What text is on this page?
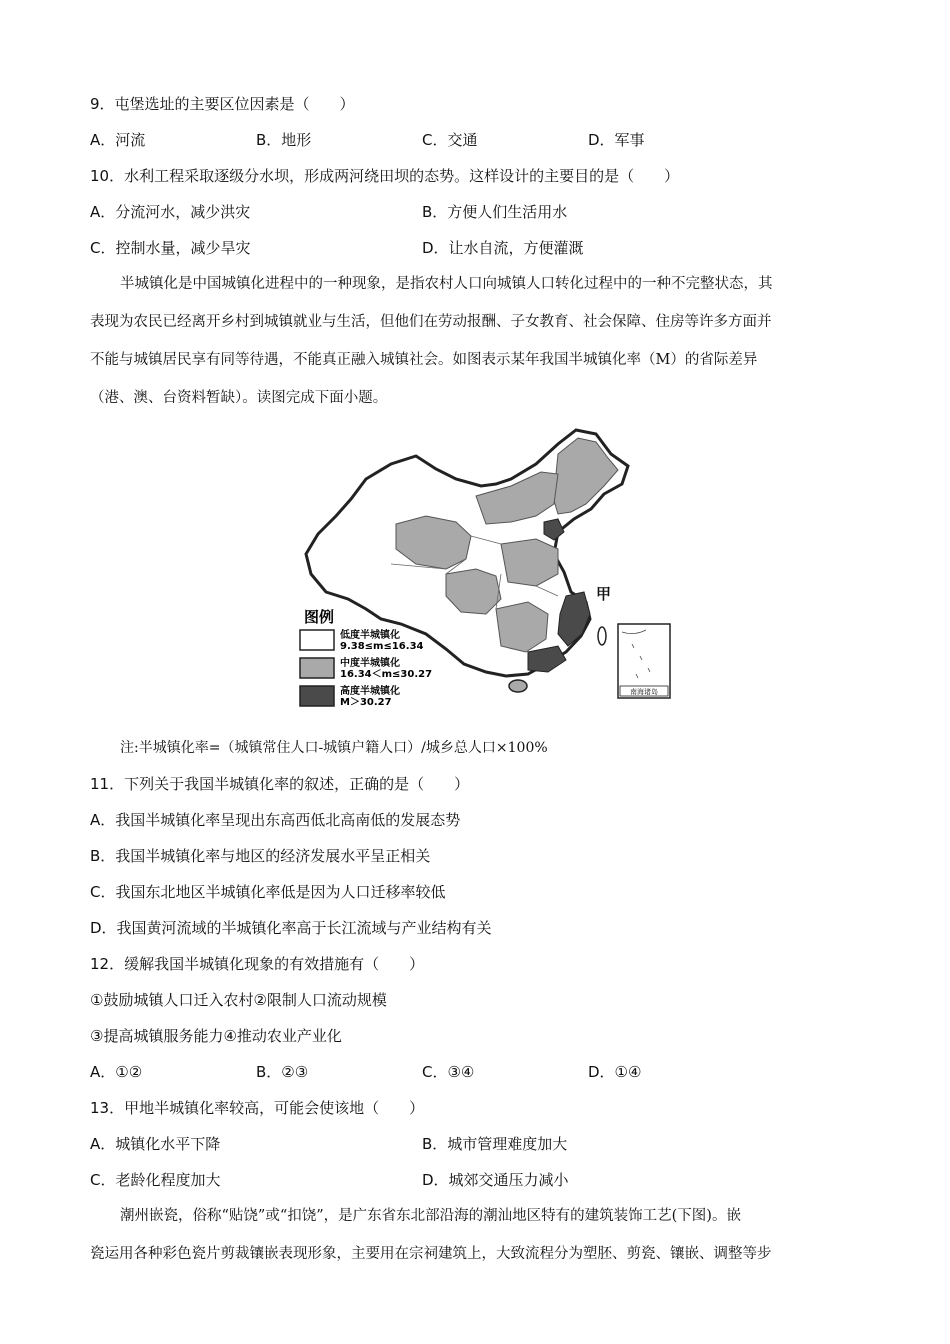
9．屯堡选址的主要区位因素是（　　）
A．河流	B．地形	C．交通	D．军事
10．水利工程采取逐级分水坝，形成两河绕田坝的态势。这样设计的主要目的是（　　）
A．分流河水，减少洪灾	B．方便人们生活用水
C．控制水量，减少旱灾	D．让水自流，方便灌溉
半城镇化是中国城镇化进程中的一种现象，是指农村人口向城镇人口转化过程中的一种不完整状态，其
表现为农民已经离开乡村到城镇就业与生活，但他们在劳动报酬、子女教育、社会保障、住房等许多方面并
不能与城镇居民享有同等待遇，不能真正融入城镇社会。如图表示某年我国半城镇化率（M）的省际差异
（港、澳、台资料暂缺）。读图完成下面小题。
甲
南海诸岛
图例
低度半城镇化
9.38≤m≤16.34
中度半城镇化
16.34＜m≤30.27
高度半城镇化
M＞30.27
注:半城镇化率=（城镇常住人口-城镇户籍人口）/城乡总人口×100%
11．下列关于我国半城镇化率的叙述，正确的是（　　）
A．我国半城镇化率呈现出东高西低北高南低的发展态势
B．我国半城镇化率与地区的经济发展水平呈正相关
C．我国东北地区半城镇化率低是因为人口迁移率较低
D．我国黄河流域的半城镇化率高于长江流域与产业结构有关
12．缓解我国半城镇化现象的有效措施有（　　）
①鼓励城镇人口迁入农村②限制人口流动规模
③提高城镇服务能力④推动农业产业化
A．①②	B．②③	C．③④	D．①④
13．甲地半城镇化率较高，可能会使该地（　　）
A．城镇化水平下降	B．城市管理难度加大
C．老龄化程度加大	D．城郊交通压力减小
潮州嵌瓷，俗称“贴饶”或“扣饶”，是广东省东北部沿海的潮汕地区特有的建筑装饰工艺(下图)。嵌
瓷运用各种彩色瓷片剪裁镶嵌表现形象，主要用在宗祠建筑上，大致流程分为塑胚、剪瓷、镶嵌、调整等步
